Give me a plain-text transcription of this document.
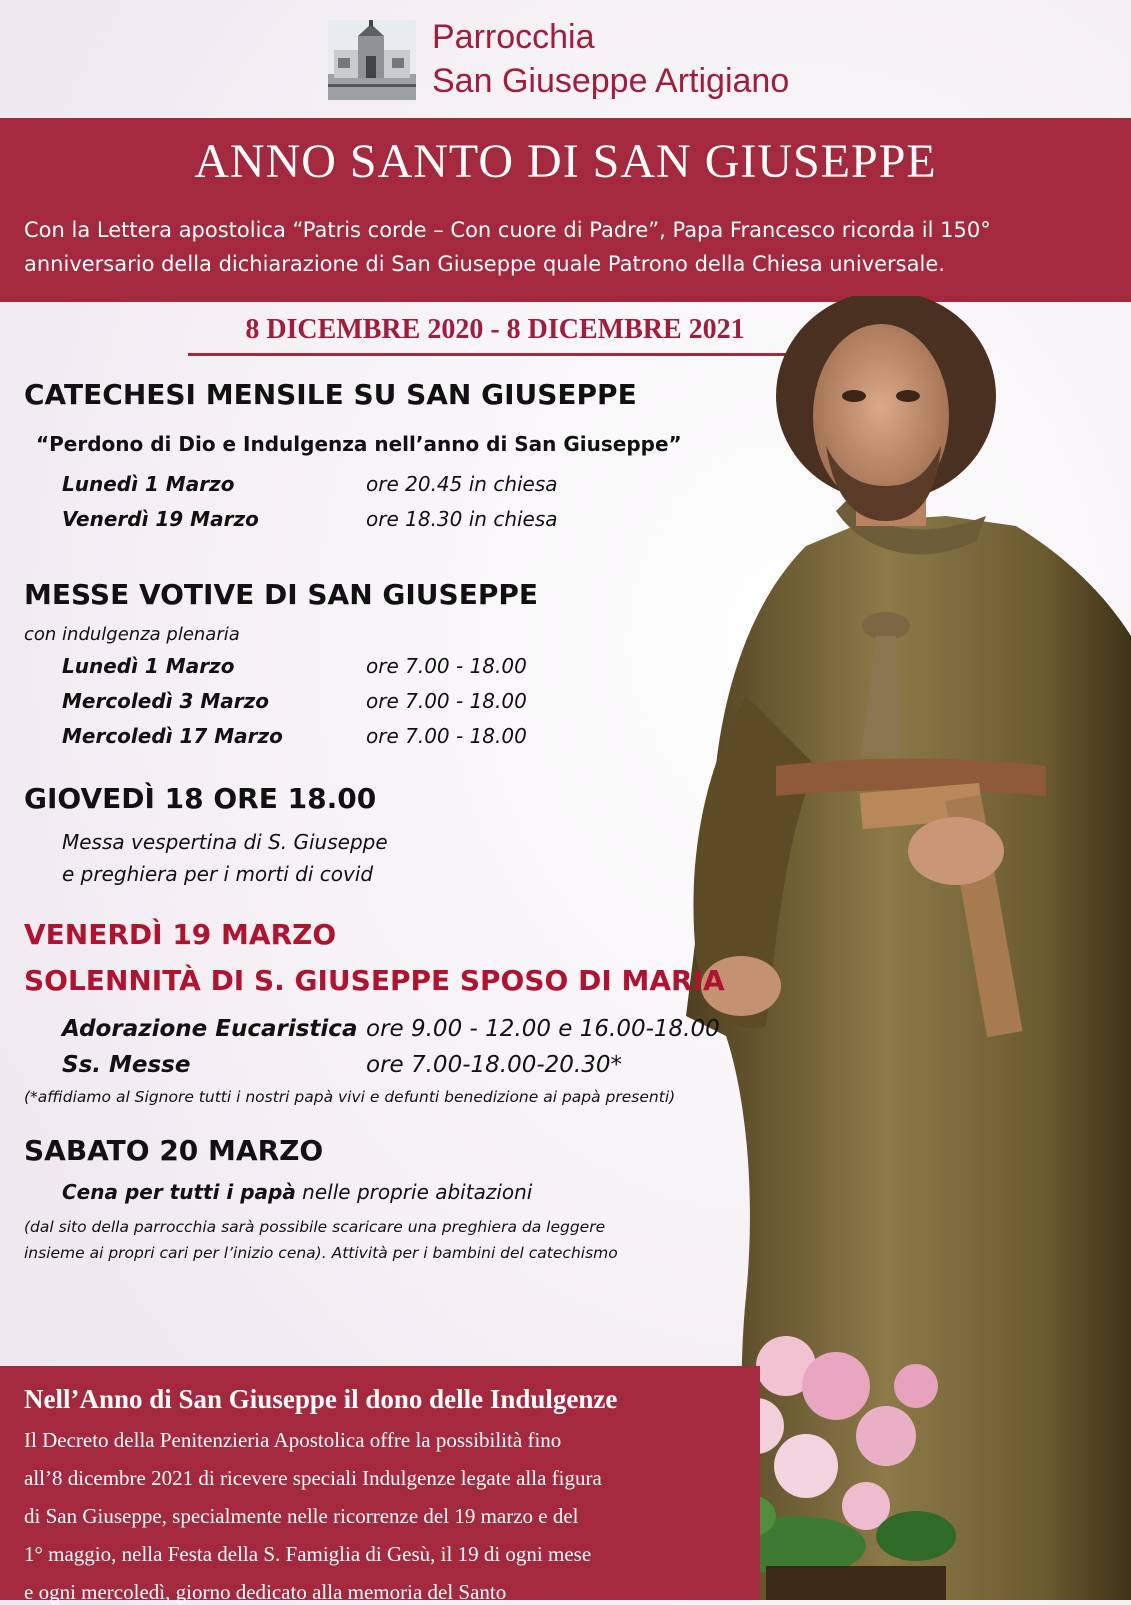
Parrocchia
San Giuseppe Artigiano
ANNO SANTO DI SAN GIUSEPPE
Con la Lettera apostolica “Patris corde – Con cuore di Padre”, Papa Francesco ricorda il 150°
anniversario della dichiarazione di San Giuseppe quale Patrono della Chiesa universale.
8 DICEMBRE 2020 - 8 DICEMBRE 2021
CATECHESI MENSILE SU SAN GIUSEPPE
“Perdono di Dio e Indulgenza nell’anno di San Giuseppe”
Lunedì 1 Marzo	ore 20.45 in chiesa
Venerdì 19 Marzo	ore 18.30 in chiesa
MESSE VOTIVE DI SAN GIUSEPPE
con indulgenza plenaria
Lunedì 1 Marzo	ore 7.00 - 18.00
Mercoledì 3 Marzo	ore 7.00 - 18.00
Mercoledì 17 Marzo	ore 7.00 - 18.00
GIOVEDÌ 18 ORE 18.00
Messa vespertina di S. Giuseppe
e preghiera per i morti di covid
VENERDÌ 19 MARZO
SOLENNITÀ DI S. GIUSEPPE SPOSO DI MARIA
Adorazione Eucaristica ore 9.00 - 12.00 e 16.00-18.00
Ss. Messe	ore 7.00-18.00-20.30*
(*affidiamo al Signore tutti i nostri papà vivi e defunti benedizione ai papà presenti)
SABATO 20 MARZO
Cena per tutti i papà nelle proprie abitazioni
(dal sito della parrocchia sarà possibile scaricare una preghiera da leggere
insieme ai propri cari per l’inizio cena). Attività per i bambini del catechismo
Nell’Anno di San Giuseppe il dono delle Indulgenze
Il Decreto della Penitenzieria Apostolica offre la possibilità fino
all’8 dicembre 2021 di ricevere speciali Indulgenze legate alla figura
di San Giuseppe, specialmente nelle ricorrenze del 19 marzo e del
1° maggio, nella Festa della S. Famiglia di Gesù, il 19 di ogni mese
e ogni mercoledì, giorno dedicato alla memoria del Santo
